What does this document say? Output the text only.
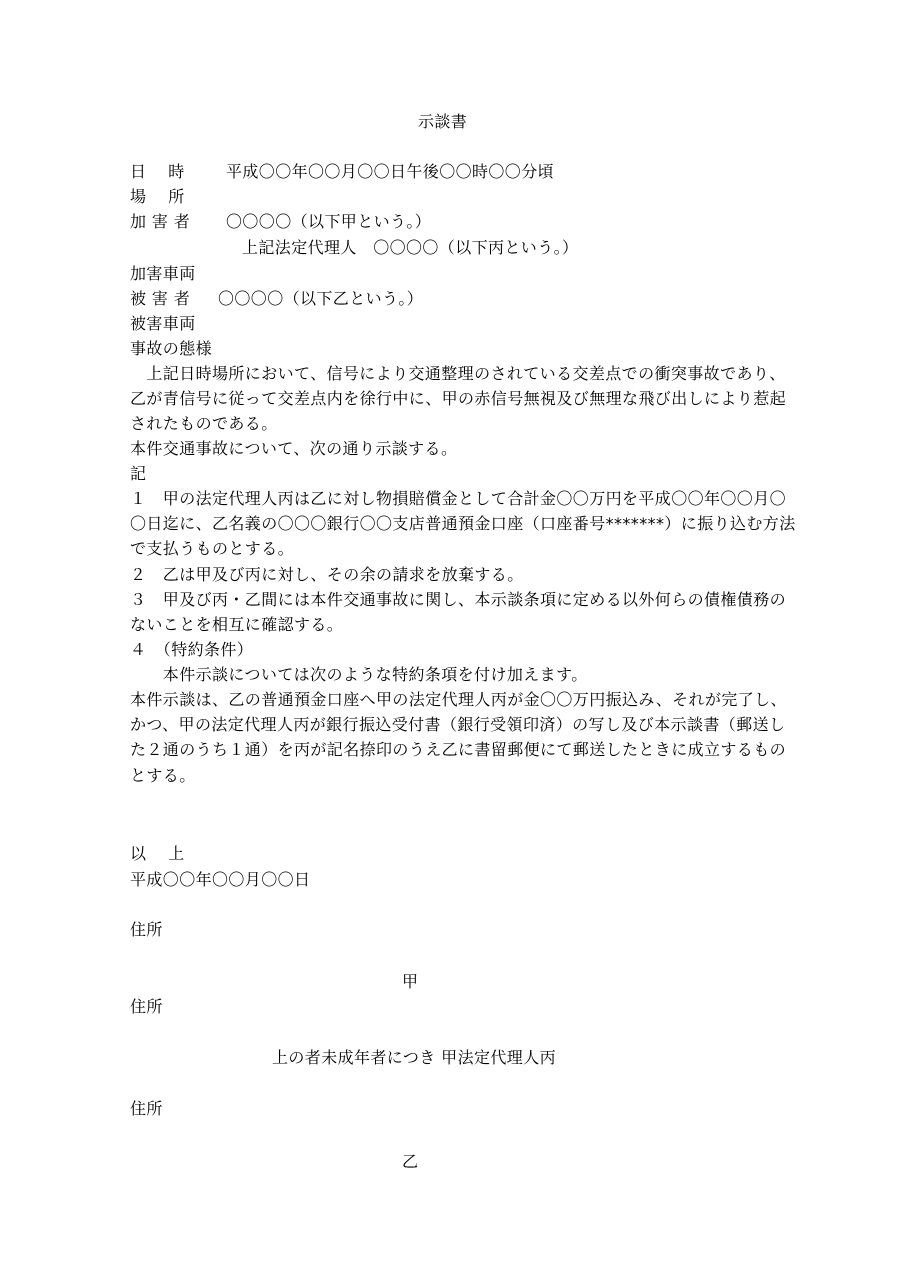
示談書
日　 時	平成〇〇年〇〇月〇〇日午後〇〇時〇〇分頃
場　 所
加 害 者 〇〇〇〇（以下甲という。）
上記法定代理人　〇〇〇〇（以下丙という。）
加害車両
被 害 者 〇〇〇〇（以下乙という。）
被害車両
事故の態様
　上記日時場所において、信号により交通整理のされている交差点での衝突事故であり、
乙が青信号に従って交差点内を徐行中に、甲の赤信号無視及び無理な飛び出しにより惹起
されたものである。
本件交通事故について、次の通り示談する。
記
１　甲の法定代理人丙は乙に対し物損賠償金として合計金〇〇万円を平成〇〇年〇〇月〇
〇日迄に、乙名義の〇〇〇銀行〇〇支店普通預金口座（口座番号*******）に振り込む方法
で支払うものとする。
２　乙は甲及び丙に対し、その余の請求を放棄する。
３　甲及び丙・乙間には本件交通事故に関し、本示談条項に定める以外何らの債権債務の
ないことを相互に確認する。
４　（特約条件）
　　本件示談については次のような特約条項を付け加えます。
本件示談は、乙の普通預金口座へ甲の法定代理人丙が金〇〇万円振込み、それが完了し、
かつ、甲の法定代理人丙が銀行振込受付書（銀行受領印済）の写し及び本示談書（郵送し
た２通のうち１通）を丙が記名捺印のうえ乙に書留郵便にて郵送したときに成立するもの
とする。
以　 上
平成〇〇年〇〇月〇〇日
住所
甲
住所
上の者未成年者につき 甲法定代理人丙
住所
乙
